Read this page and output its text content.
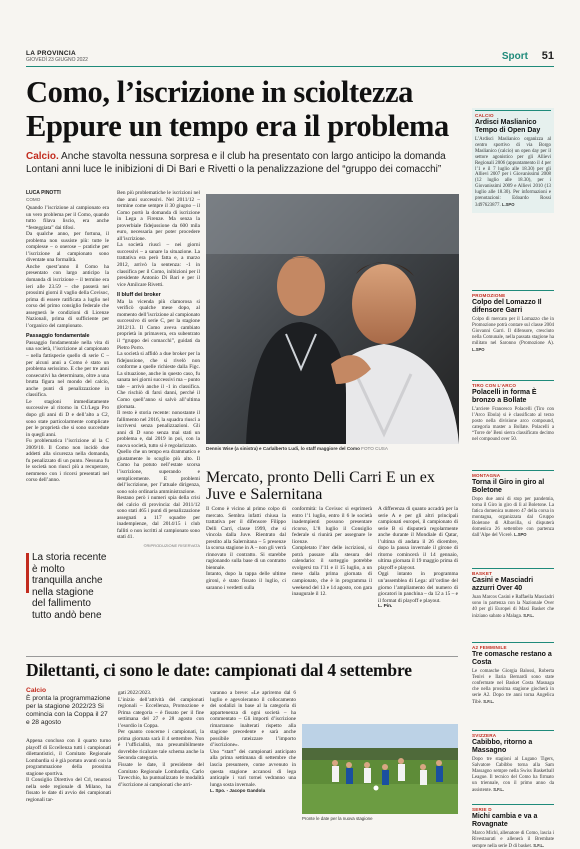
LA PROVINCIA
GIOVEDÌ 23 GIUGNO 2022	Sport 51
Como, l’iscrizione in scioltezza
Eppure un tempo era il problema
Calcio. Anche stavolta nessuna sorpresa e il club ha presentato con largo anticipo la domanda Lontani anni luce le inibizioni di Di Bari e Rivetti o la penalizzazione del “gruppo dei comacchi”
LUCA PINOTTI
COMO

Quando l’iscrizione al campionato era un vero problema per il Como, quando tutto filava liscio, era anche “festeggiata” dai tifosi.

Da qualche anno, per fortuna, il problema non sussiste più: tutte le complesse – o onerose – pratiche per l’iscrizione al campionato sono diventate una formalità.

Anche quest’anno il Como ha presentato con largo anticipo la domanda di iscrizione – il termine era ieri alle 23.59 – che passerà nei prossimi giorni il vaglio della Covisoc, prima di essere ratificata a luglio nel corso del primo consiglio federale che assegnerà le condizioni di Licenze Nazionali, prima di sufficiente per l’organico del campionato.

Passaggio fondamentale

Passaggio fondamentale nella vita di una società, l’iscrizione al campionato – nella fattispecie quello di serie C – per alcuni anni a Como è stato un problema serissimo. E che per tre anni consecutivi ha determinato, oltre a una brutta figura nel mondo del calcio, anche punti di penalizzazione in classifica.

Le stagioni immediatamente successive al ritorno in C1/Lega Pro dopo gli anni di D e dell’alto a C2, sono state particolarmente complicate per le proprietà che si sono succedute in quegli anni.

Fu problematica l’iscrizione al la C 2009/10. Il Como non incidò due addetti alla sicurezza nella domanda, fu penalizzato di un punto. Nessuna fu le società non riuscì più a recuperare, nemmeno con i ricorsi presentati nel corso dell’anno.

La storia recente è molto tranquilla anche nella stagione del fallimento tutto andò bene

Ben più problematiche le iscrizioni nel due anni successivi. Nel 2011/12 – termine come sempre il 30 giugno – il Como portò la domanda di iscrizione in Lega a Firenze. Ma senza la proverbiale fidejussione da 600 mila euro, necessaria per poter procedere all’iscrizione.

La società riuscì – nei giorni successivi – a sanare la situazione. La trattativa era però fatta e, a marzo 2012, arrivò la sentenza: -1 in classifica per il Como, inibizioni per il presidente Antonio Di Bari e per il vice Amilcare Rivetti.

Il bluff dei broker

Ma la vicenda più clamorosa si verificò qualche mese dopo, al momento dell’iscrizione al campionato successivo di serie C, per la stagione 2012/13. Il Como aveva cambiato proprietà in primavera, era subentrato il “gruppo dei comacchi”, guidati da Pietro Porro.

La società si affidò a due broker per la fidejussione, che si rivelò non conforme a quelle richieste dalla Figc. La situazione, anche in questo caso, fu sanata nei giorni successivi ma – punto tale – arrivò anche il -1 in classifica. Che rischiò di farsi danni, perché il Como quell’anno si salvò all’ultima giornata.

Il resto è storia recente: nonostante il fallimento nel 2016, la squadra riuscì a iscriversi senza penalizzazioni. Gli anni di D sono senza mai stati un problema e, dal 2019 in poi, con la nuova società, tutto si è regolarizzato.

Quello che un tempo era drammatico e giustamente lo scoglio più alto. Il Como ha potuto nell’estate scorsa l’iscrizione, superando e semplicemente. E problemi dell’iscrizione, per l’attuale dirigenza, sono solo ordinaria amministrazione.

Restano però i numeri spia della crisi del calcio di provincia: dal 2011/12 sono stati 465 i punti di penalizzazione assegnati a 117 squadre per inadempienze, dal 2014/15 i club falliti o non iscritti al campionato sono stati 41.

©RIPRODUZIONE RISERVATA

Dennis Wise (a sinistra) e Carlalberto Ludi, lo staff maggiore del Como FOTO CUSA
Mercato, pronto Delli Carri E un ex Juve e Salernitana

Il Como è vicino al primo colpo di mercato. Sembra infatti chiusa la trattativa per il difensore Filippo Delli Carri, classe 1999, che si vincola dalla Juve. Rientrato dal prestito alla Salernitana – 5 presenze la scorsa stagione in A – non gli verrà rinnovato il contratto. Si starebbe ragionando sulla base di un contratto biennale.

Intanto, dopo la tappa delle ultime gironi, è stato fissato il luglio, ci saranno i verdetti sulla

conformità: la Covisoc si esprimerà entro l’1 luglio, entro il 6 le società inadempienti possono presentare ricorso, L’8 luglio il Consiglio federale si riunirà per assegnare le licenze.

Completato l’iter delle iscrizioni, si potrà passare alla stesura del calendario: il sorteggio potrebbe svolgersi tra l’11 e il 15 luglio, a un mese dalla prima giornata di campionato, che è in programma il weekend del 13 e 14 agosto, con gara inaugurale il 12.

A differenza di quanto accadrà per la serie A e per gli altri principali campionati europei, il campionato di serie B si disputerà regolarmente anche durante il Mondiale di Qatar, l’ultima di andata il 26 dicembre, dopo la pausa invernale il girone di ritorno comincerà il 14 gennaio, ultima giornata il 19 maggio prima di playoff e playout.

Oggi intanto in programma un’assemblea di Lega: all’ordine del giorno l’ampliamento del numero di giocatori in panchina – da 12 a 15 – e il format di playoff e playout.

L. Pin.

Dilettanti, ci sono le date: campionati dal 4 settembre
Calcio
È pronta la programmazione per la stagione 2022/23 Si comincia con la Coppa il 27 e 28 agosto

Appena concluso con il quarto turno playoff di Eccellenza tutti i campionati dilettantistici, il Comitato Regionale Lombardia si è già portato avanti con la programmazione della prossima stagione sportiva.

Il Consiglio Direttivo del Crl, tenutosi nella sede regionale di Milano, ha fissato le date di avvio dei campionati regionali tar-

gati 2022/2023.

L’inizio dell’attività del campionati regionali – Eccellenza, Promozione e Prima categoria – è fissato per il fine settimana del 27 e 28 agosto con l’esordio in Coppa.

Per quanto concerne i campionati, la prima giornata sarà il 4 settembre. Non è l’ufficialità, ma presumibilmente dovrebbe ricalcare tale schema anche la Seconda categoria.

Fissate le date, il presidente del Comitato Regionale Lombardia, Carlo Tavecchio, ha puntualizzato le modalità d’iscrizione ai campionati che arri-

varanno a breve: «Le apriremo dal 6 luglio e agevoleranno il collocamento dei sodalizi in base al la categoria di appartenenza di ogni società – ha commentato – Gli importi d’iscrizione rimarranno inalterati rispetto alla stagione precedente e sarà anche possibile rateizzare l’importo d’iscrizione».

Uno “start” dei campionati anticipato alla prima settimana di settembre che lascia presumere, come avvenuto in questa stagione accanosi di lega anticaple i vari tornei vedranno una lunga sosta invernale.

L. Spo. - Jacopo Gandola

Pronte le date per la nuova stagione
CALCIO
Ardisci Maslianico Tempo di Open Day
L’Ardisci Maslianico organizza al centro sportivo di via Borgo Maslianico (calcio) un open day per il settore agonistico per gli Allievi Regionali 2006 (appuntamento il 4 per l’1 e il 7 luglio alle 18.30) per gli Allievi 2007 per i Giovanissimi 2008 (12 luglio alle 18.30), per i Giovanissimi 2009 e Allievi 2010 (13 luglio alle 18.30). Per informazioni e prenotazioni: Edoardo Rossi 3497623877. L.SPO
PROMOZIONE
Colpo del Lomazzo Il difensore Garri
Colpo di mercato per il Lomazzo che in Promozione potrà contare sul classe 2004 Giovanni Garri. Il difensore, cresciuto nella Comunale, nella passata stagione ha militato nel Saronno (Promozione A). L.SPO
TIRO CON L’ARCO
Polacelli in forma È bronzo a Bollate
L’arciere Francesco Polacelli (Tiro con l’Arco Ebola) si è classificato al terzo posto nella divisione arco compound, categoria master a Bollate. Polacelli a “Torre de’ Beni sierra classificato decimo nel compound over 50.
MONTAGNA
Torna il Giro in giro al Boletone
Dopo due anni di stop per pandemia, torna il Giro in giro di lì al Boletone. La fatica domenica numero 47 della corsa in montagna, organizzata dal Gruppo Boletone di Albavilla, si disputerà domenica 26 settembre con partenza dall’Alpe del Vicerè. L.SPO
BASKET
Casini e Masciadri azzurri Over 40
Juan Marcos Casini e Raffaella Masciadri sono in partenza con la Nazionale Over 40 per gli Europei di Maxi Basket che iniziano sabato a Malaga. S.F.L.
A2 FEMMINILE
Tre comasche restano a Costa
Le comasche Giorgia Balossi, Roberta Tenivi e Ilaria Bernardi sono state confermate nel Basket Costa Masnaga che nella prossima stagione giocherà in serie A2. Dopo tre anni torna Angelica Tibè. S.F.L.
SVIZZERA
Cabibbo, ritorno a Massagno
Dopo tre stagioni al Lugano Tigers, Salvatore Cabibbo torna alla Sam Massagno sempre nella Swiss Basketball League. Il tecnico del Como ha firmato un triennale, con il primo anno da assistente. S.F.L.
SERIE D
Michi cambia e va a Rovagnate
Marco Michi, allenatore di Como, lascia i Rivestaurati e allenerà il Brembate sempre nella serie D di basket. S.F.L.
